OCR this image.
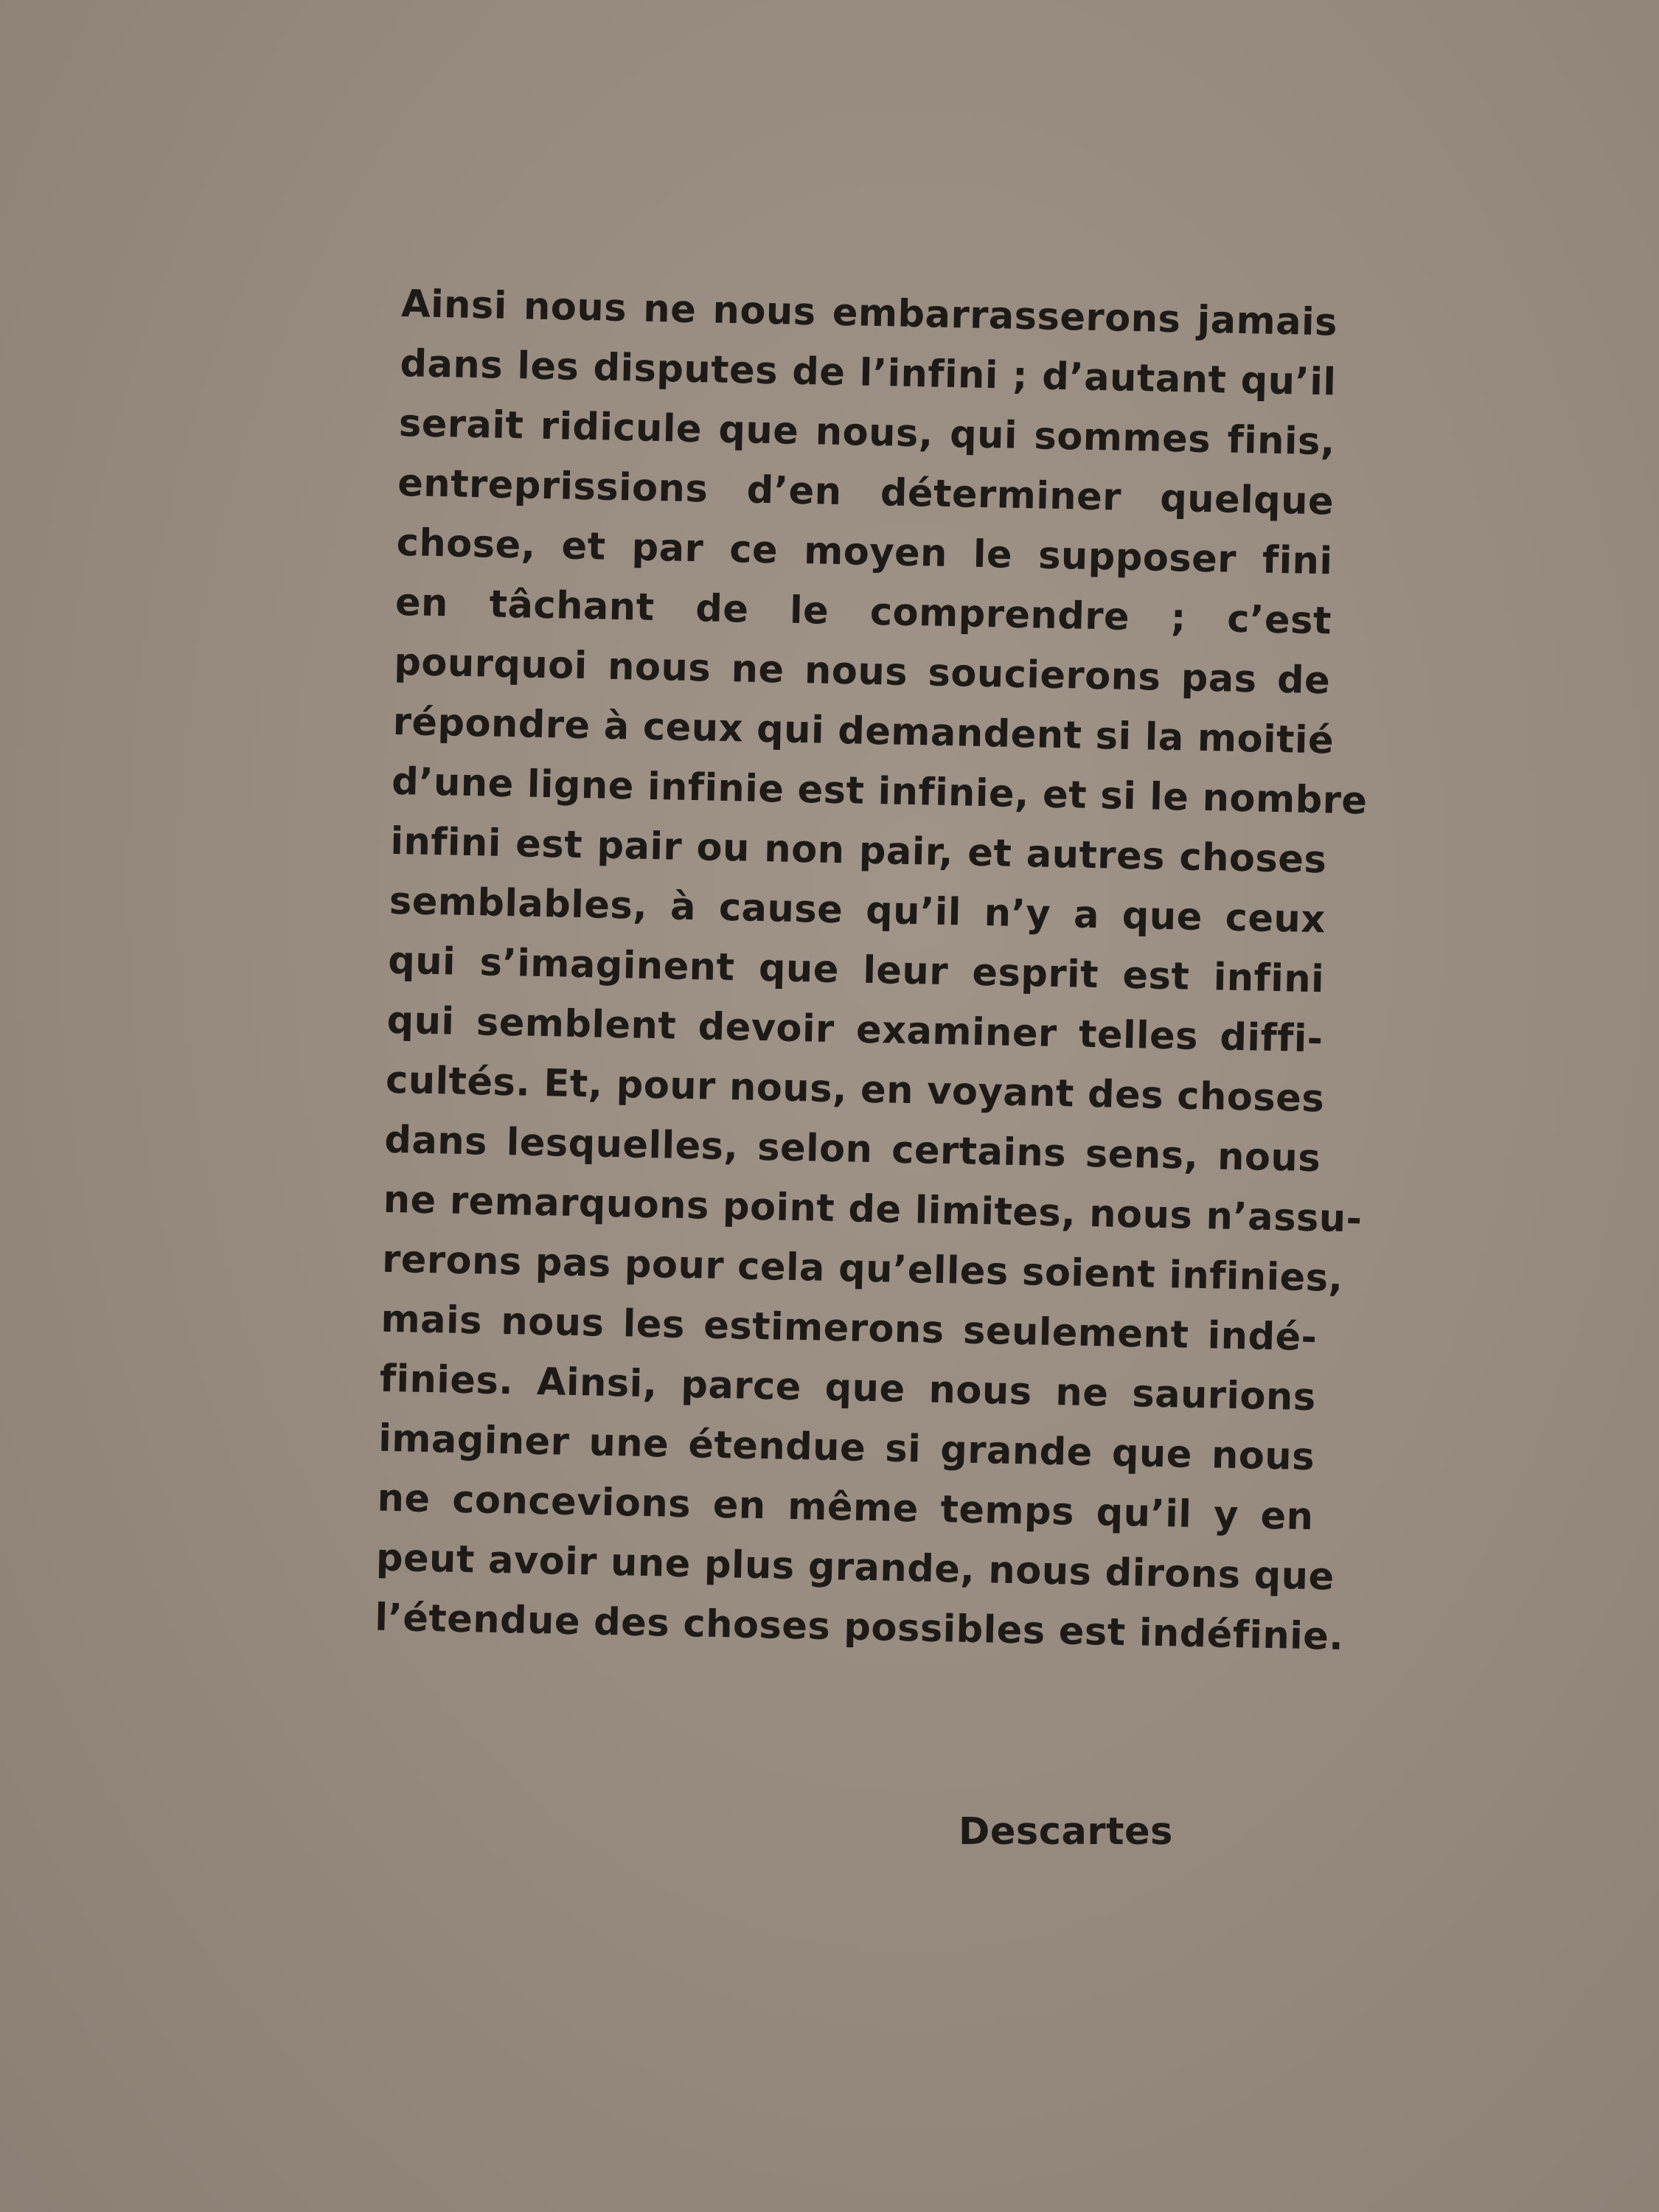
Ainsi nous ne nous embarrasserons jamais
dans les disputes de l’infini ; d’autant qu’il
serait ridicule que nous, qui sommes finis,
entreprissions d’en déterminer quelque
chose, et par ce moyen le supposer fini
en tâchant de le comprendre ; c’est
pourquoi nous ne nous soucierons pas de
répondre à ceux qui demandent si la moitié
d’une ligne infinie est infinie, et si le nombre
infini est pair ou non pair, et autres choses
semblables, à cause qu’il n’y a que ceux
qui s’imaginent que leur esprit est infini
qui semblent devoir examiner telles diffi-
cultés. Et, pour nous, en voyant des choses
dans lesquelles, selon certains sens, nous
ne remarquons point de limites, nous n’assu-
rerons pas pour cela qu’elles soient infinies,
mais nous les estimerons seulement indé-
finies. Ainsi, parce que nous ne saurions
imaginer une étendue si grande que nous
ne concevions en même temps qu’il y en
peut avoir une plus grande, nous dirons que
l’étendue des choses possibles est indéfinie.
Descartes
